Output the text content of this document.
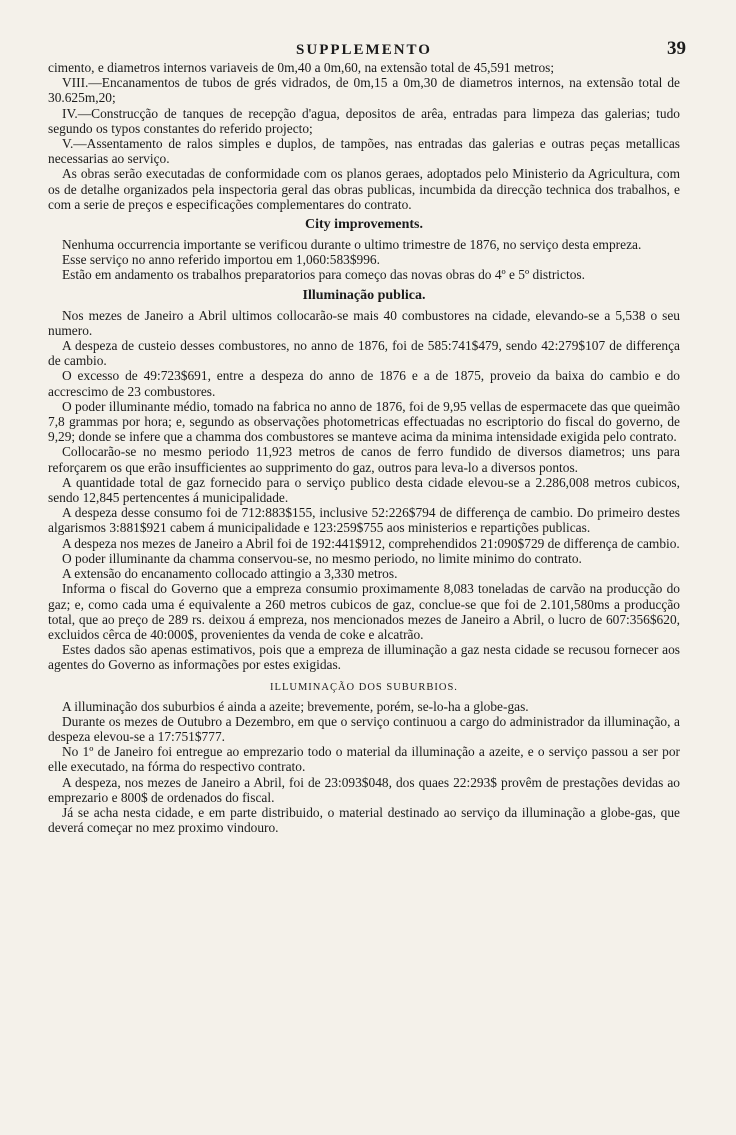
SUPPLEMENTO	39

cimento, e diametros internos variaveis de 0m,40 a 0m,60, na extensão total de 45,591 metros;

VIII.—Encanamentos de tubos de grés vidrados, de 0m,15 a 0m,30 de diametros internos, na extensão total de 30.625m,20;

IV.—Construcção de tanques de recepção d'agua, depositos de arêa, entradas para limpeza das galerias; tudo segundo os typos constantes do referido projecto;

V.—Assentamento de ralos simples e duplos, de tampões, nas entradas das galerias e outras peças metallicas necessarias ao serviço.

As obras serão executadas de conformidade com os planos geraes, adoptados pelo Ministerio da Agricultura, com os de detalhe organizados pela inspectoria geral das obras publicas, incumbida da direcção technica dos trabalhos, e com a serie de preços e especificações complementares do contrato.

City improvements.

Nenhuma occurrencia importante se verificou durante o ultimo trimestre de 1876, no serviço desta empreza.

Esse serviço no anno referido importou em 1,060:583$996.

Estão em andamento os trabalhos preparatorios para começo das novas obras do 4º e 5º districtos.

Illuminação publica.

Nos mezes de Janeiro a Abril ultimos collocarão-se mais 40 combustores na cidade, elevando-se a 5,538 o seu numero.

A despeza de custeio desses combustores, no anno de 1876, foi de 585:741$479, sendo 42:279$107 de differença de cambio.

O excesso de 49:723$691, entre a despeza do anno de 1876 e a de 1875, proveio da baixa do cambio e do accrescimo de 23 combustores.

O poder illuminante médio, tomado na fabrica no anno de 1876, foi de 9,95 vellas de espermacete das que queimão 7,8 grammas por hora; e, segundo as observações photometricas effectuadas no escriptorio do fiscal do governo, de 9,29; donde se infere que a chamma dos combustores se manteve acima da minima intensidade exigida pelo contrato.

Collocarão-se no mesmo periodo 11,923 metros de canos de ferro fundido de diversos diametros; uns para reforçarem os que erão insufficientes ao supprimento do gaz, outros para leva-lo a diversos pontos.

A quantidade total de gaz fornecido para o serviço publico desta cidade elevou-se a 2.286,008 metros cubicos, sendo 12,845 pertencentes á municipalidade.

A despeza desse consumo foi de 712:883$155, inclusive 52:226$794 de differença de cambio. Do primeiro destes algarismos 3:881$921 cabem á municipalidade e 123:259$755 aos ministerios e repartições publicas.

A despeza nos mezes de Janeiro a Abril foi de 192:441$912, comprehendidos 21:090$729 de differença de cambio.

O poder illuminante da chamma conservou-se, no mesmo periodo, no limite minimo do contrato.

A extensão do encanamento collocado attingio a 3,330 metros.

Informa o fiscal do Governo que a empreza consumio proximamente 8,083 toneladas de carvão na producção do gaz; e, como cada uma é equivalente a 260 metros cubicos de gaz, conclue-se que foi de 2.101,580ms a producção total, que ao preço de 289 rs. deixou á empreza, nos mencionados mezes de Janeiro a Abril, o lucro de 607:356$620, excluidos cêrca de 40:000$, provenientes da venda de coke e alcatrão.

Estes dados são apenas estimativos, pois que a empreza de illuminação a gaz nesta cidade se recusou fornecer aos agentes do Governo as informações por estes exigidas.

ILLUMINAÇÃO DOS SUBURBIOS.

A illuminação dos suburbios é ainda a azeite; brevemente, porém, se-lo-ha a globe-gas.

Durante os mezes de Outubro a Dezembro, em que o serviço continuou a cargo do administrador da illuminação, a despeza elevou-se a 17:751$777.

No 1º de Janeiro foi entregue ao emprezario todo o material da illuminação a azeite, e o serviço passou a ser por elle executado, na fórma do respectivo contrato.

A despeza, nos mezes de Janeiro a Abril, foi de 23:093$048, dos quaes 22:293$ provêm de prestações devidas ao emprezario e 800$ de ordenados do fiscal.

Já se acha nesta cidade, e em parte distribuido, o material destinado ao serviço da illuminação a globe-gas, que deverá começar no mez proximo vindouro.
